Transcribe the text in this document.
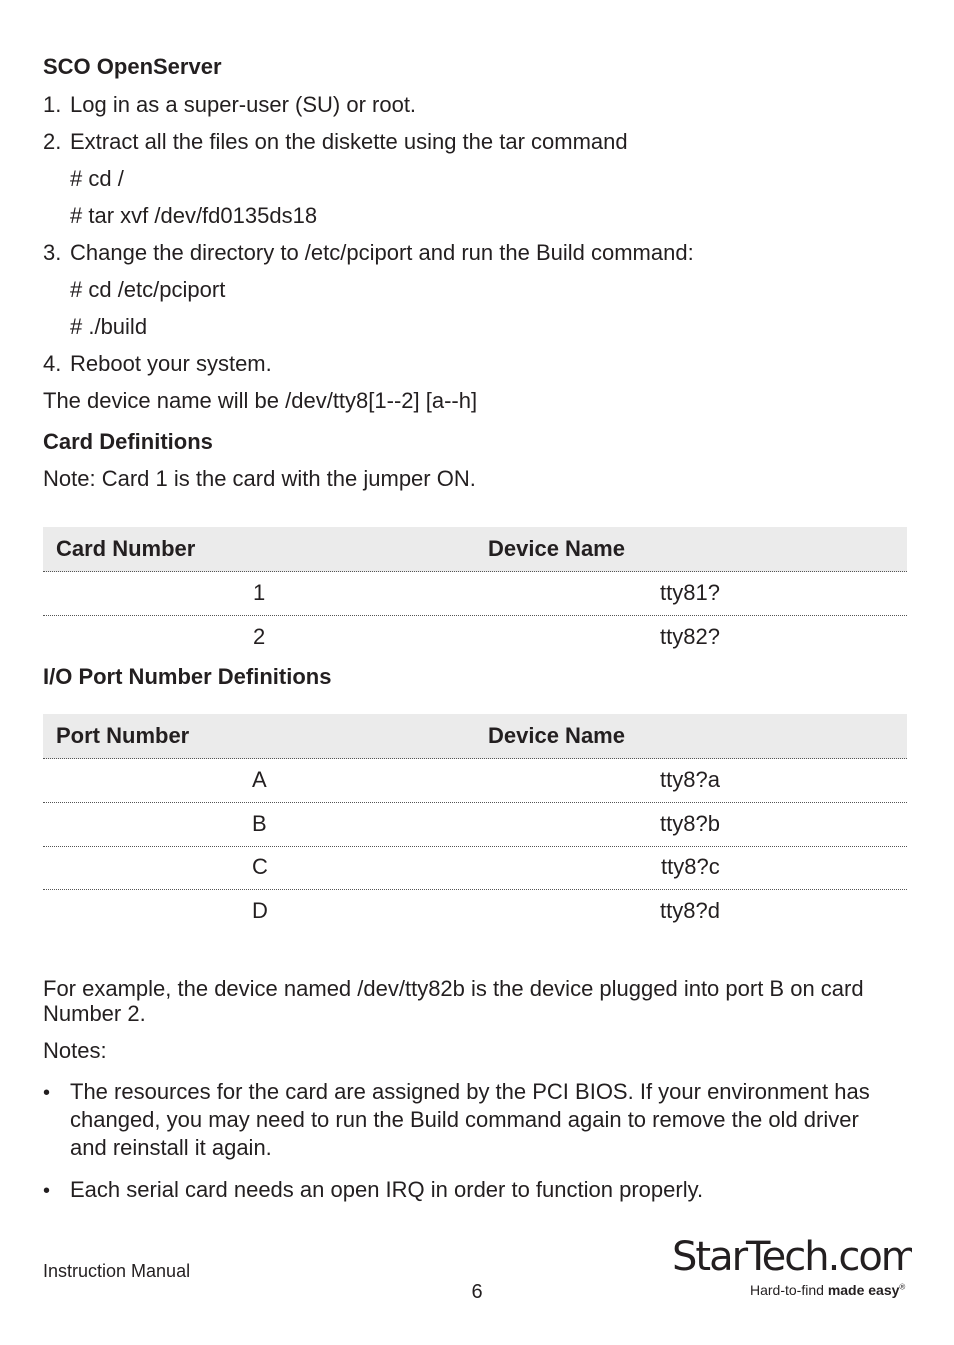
SCO OpenServer
1. Log in as a super-user (SU) or root.
2. Extract all the files on the diskette using the tar command
# cd /
# tar xvf /dev/fd0135ds18
3. Change the directory to /etc/pciport and run the Build command:
# cd /etc/pciport
# ./build
4. Reboot your system.
The device name will be /dev/tty8[1--2] [a--h]
Card Definitions
Note: Card 1 is the card with the jumper ON.
Card Number	Device Name
1	tty81?
2	tty82?
I/O Port Number Definitions
Port Number	Device Name
A	tty8?a
B	tty8?b
C	tty8?c
D	tty8?d
For example, the device named /dev/tty82b is the device plugged into port B on card Number 2.
Notes:
• The resources for the card are assigned by the PCI BIOS. If your environment has changed, you may need to run the Build command again to remove the old driver and reinstall it again.
• Each serial card needs an open IRQ in order to function properly.
Instruction Manual
6
StarTech.com
Hard-to-find made easy®
